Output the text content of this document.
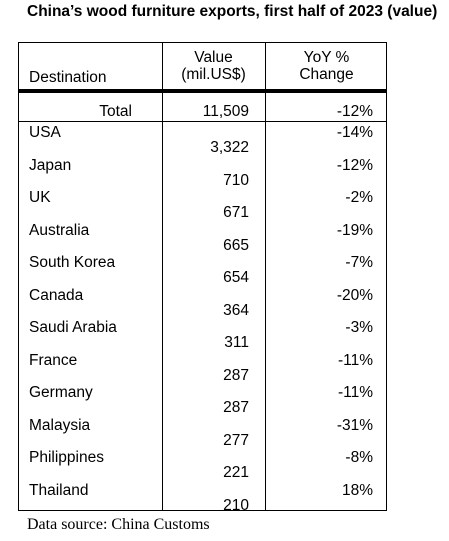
China’s wood furniture exports, first half of 2023 (value)
Destination
Value
(mil.US$)
YoY %
Change
Total	11,509	-12%
USA
3,322
-14%
Japan
710
-12%
UK
671
-2%
Australia
665
-19%
South Korea
654
-7%
Canada
364
-20%
Saudi Arabia
311
-3%
France
287
-11%
Germany
287
-11%
Malaysia
277
-31%
Philippines
221
-8%
Thailand
210
18%
Data source: China Customs
